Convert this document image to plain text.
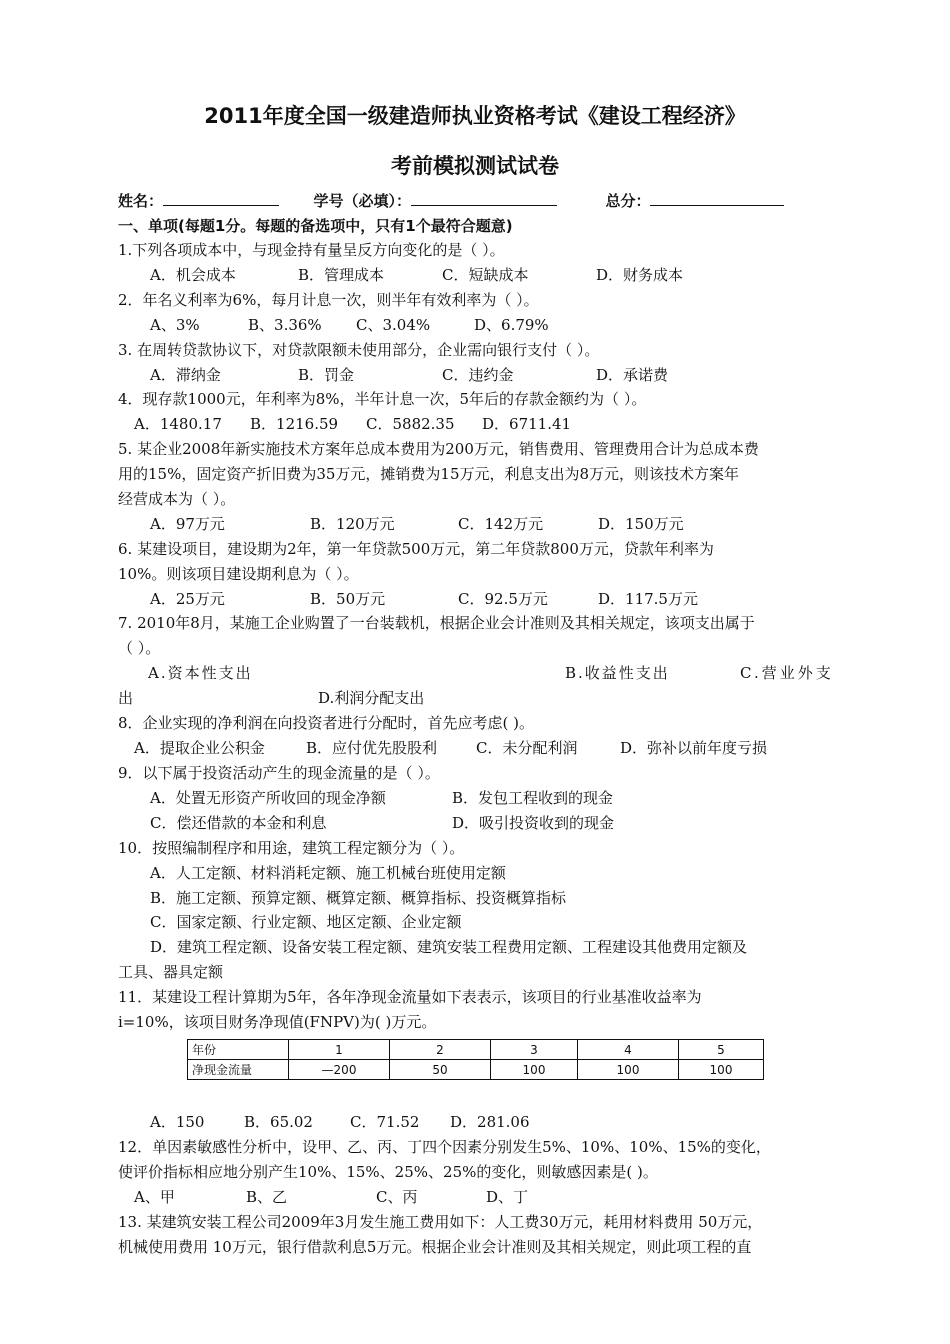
2011年度全国一级建造师执业资格考试《建设工程经济》
考前模拟测试试卷
姓名：	学号（必填）：	总分：
一、单项(每题1分。每题的备选项中，只有1个最符合题意)
1.下列各项成本中，与现金持有量呈反方向变化的是（ ）。
A．机会成本	B．管理成本	C．短缺成本	D．财务成本
2．年名义利率为6%，每月计息一次，则半年有效利率为（ ）。
A、3%	B、3.36% C、3.04%	D、6.79%
3. 在周转贷款协议下，对贷款限额未使用部分，企业需向银行支付（ ）。
A．滞纳金	B．罚金	C．违约金	D．承诺费
4．现存款1000元，年利率为8%，半年计息一次，5年后的存款金额约为（ ）。
A．1480.17 B．1216.59 C．5882.35 D．6711.41
5. 某企业2008年新实施技术方案年总成本费用为200万元，销售费用、管理费用合计为总成本费
用的15%，固定资产折旧费为35万元，摊销费为15万元，利息支出为8万元，则该技术方案年
经营成本为（ ）。
A．97万元	B．120万元	C．142万元	D．150万元
6. 某建设项目，建设期为2年，第一年贷款500万元，第二年贷款800万元，贷款年利率为
10%。则该项目建设期利息为（ ）。
A．25万元	B．50万元	C．92.5万元	D．117.5万元
7. 2010年8月，某施工企业购置了一台装载机，根据企业会计准则及其相关规定，该项支出属于
（ ）。
A.资本性支出	B.收益性支出	C.营业外支
出	D.利润分配支出
8．企业实现的净利润在向投资者进行分配时，首先应考虑( )。
A．提取企业公积金	B．应付优先股股利	C．未分配利润	D．弥补以前年度亏损
9．以下属于投资活动产生的现金流量的是（ ）。
A．处置无形资产所收回的现金净额	B．发包工程收到的现金
C．偿还借款的本金和利息	D．吸引投资收到的现金
10．按照编制程序和用途，建筑工程定额分为（ ）。
A．人工定额、材料消耗定额、施工机械台班使用定额
B．施工定额、预算定额、概算定额、概算指标、投资概算指标
C．国家定额、行业定额、地区定额、企业定额
D．建筑工程定额、设备安装工程定额、建筑安装工程费用定额、工程建设其他费用定额及
工具、器具定额
11．某建设工程计算期为5年，各年净现金流量如下表表示，该项目的行业基准收益率为
i=10%，该项目财务净现值(FNPV)为( )万元。
年份	1	2	3	4	5
净现金流量	—200	50	100	100	100
A．150	B．65.02 C．71.52 D．281.06
12．单因素敏感性分析中，设甲、乙、丙、丁四个因素分别发生5%、10%、10%、15%的变化，
使评价指标相应地分别产生10%、15%、25%、25%的变化，则敏感因素是( )。
A、甲	B、乙	C、丙	D、丁
13. 某建筑安装工程公司2009年3月发生施工费用如下：人工费30万元，耗用材料费用 50万元，
机械使用费用 10万元，银行借款利息5万元。根据企业会计准则及其相关规定，则此项工程的直
